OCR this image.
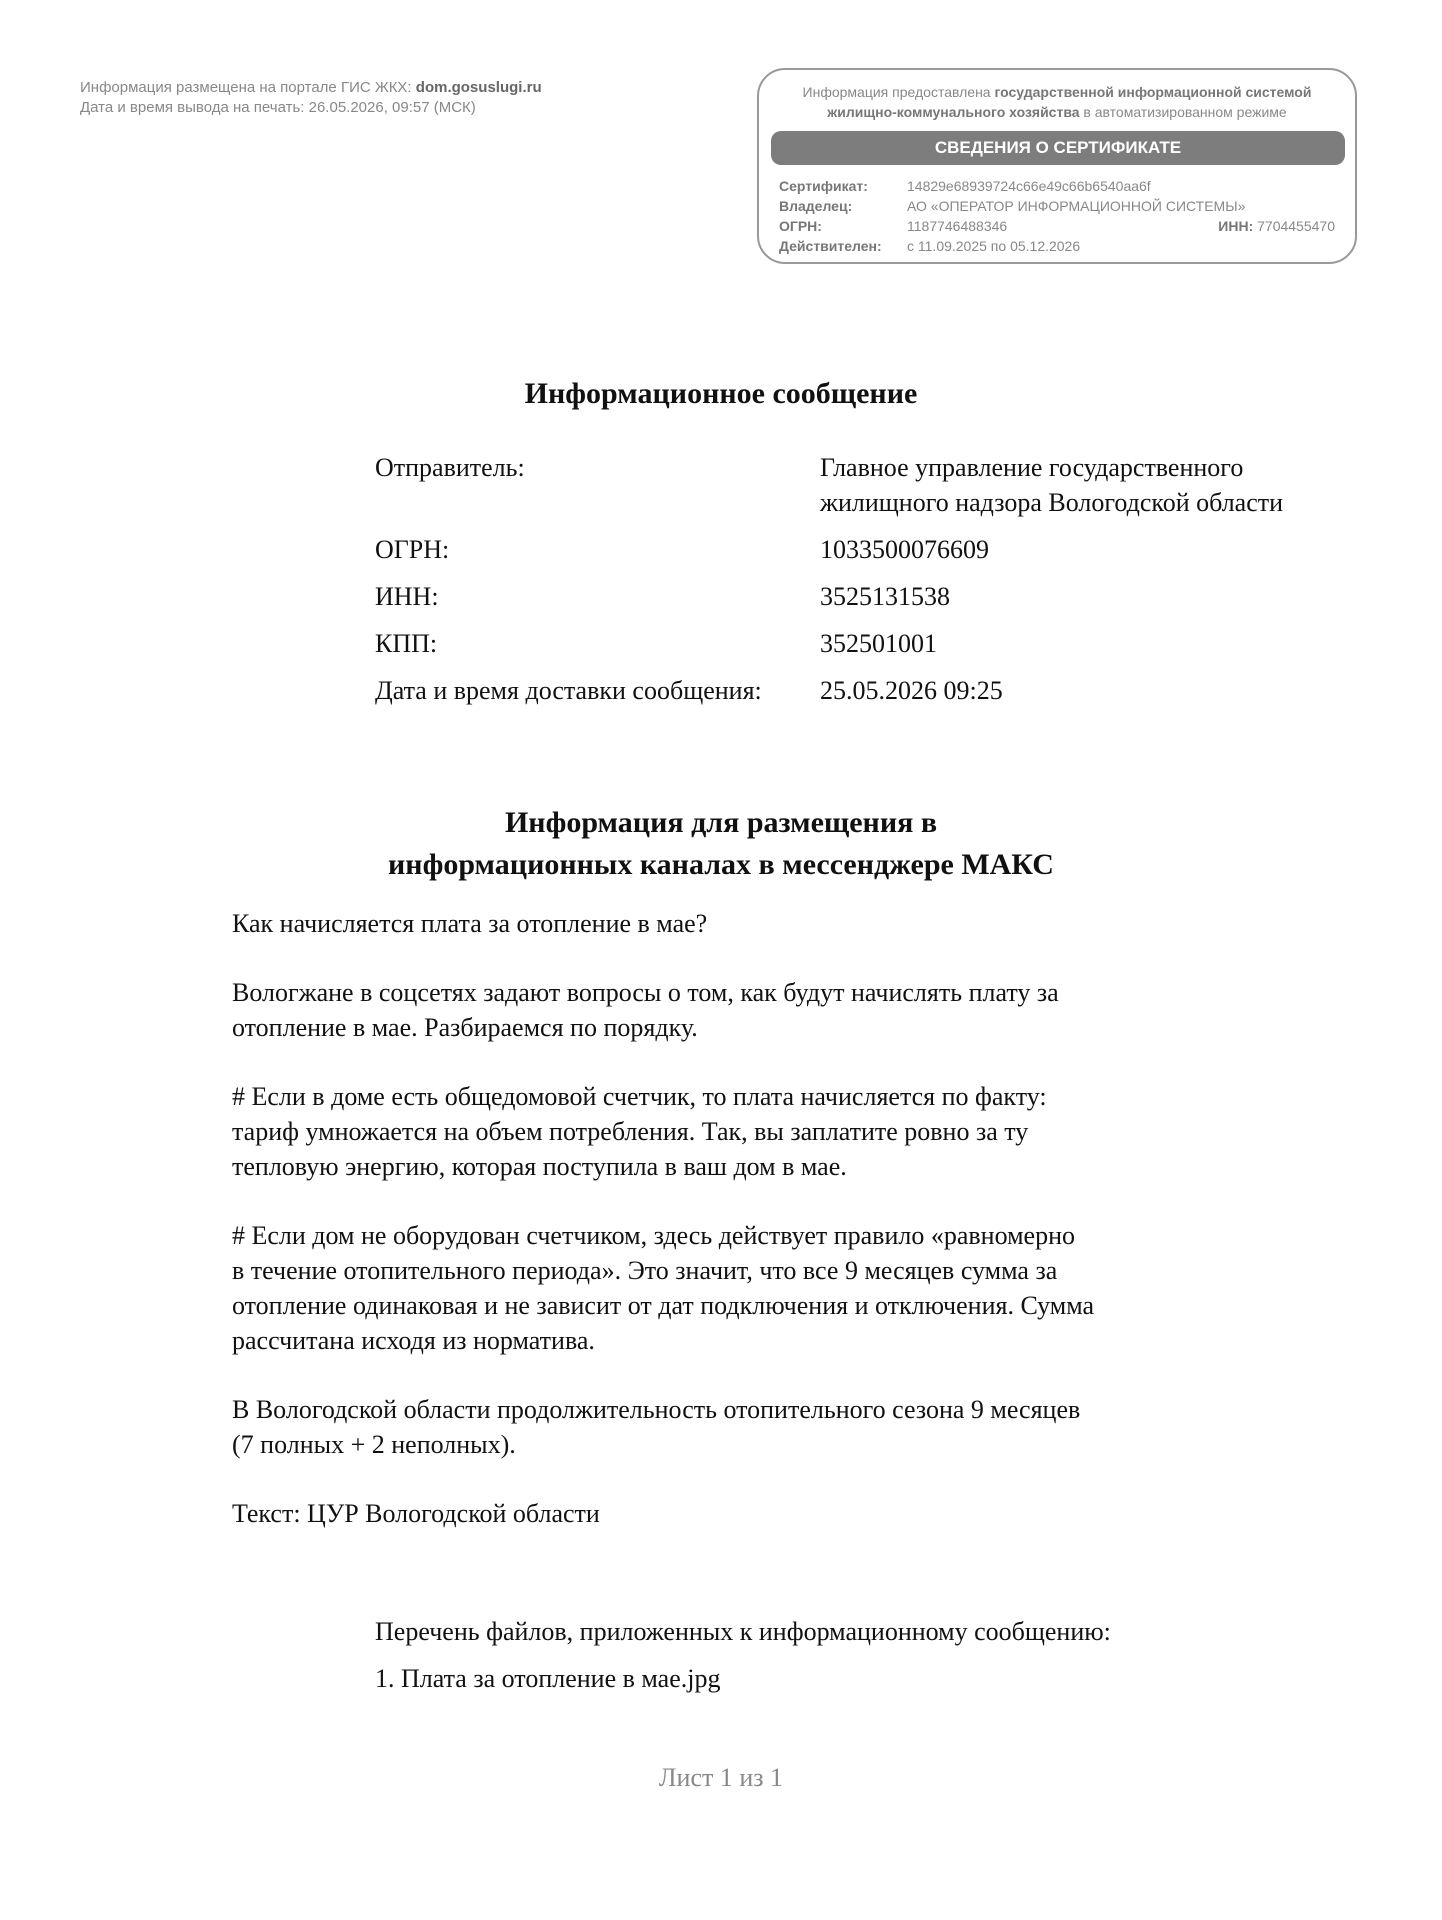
Информация размещена на портале ГИС ЖКХ: dom.gosuslugi.ru
Дата и время вывода на печать: 26.05.2026, 09:57 (МСК)
Информация предоставлена государственной информационной системой
жилищно-коммунального хозяйства в автоматизированном режиме
СВЕДЕНИЯ О СЕРТИФИКАТЕ
Сертификат:	14829e68939724c66e49c66b6540aa6f
Владелец:	АО «ОПЕРАТОР ИНФОРМАЦИОННОЙ СИСТЕМЫ»
ОГРН:	1187746488346	ИНН: 7704455470
Действителен: с 11.09.2025 по 05.12.2026
Информационное сообщение
Отправитель:	Главное управление государственного жилищного надзора Вологодской области
ОГРН:	1033500076609
ИНН:	3525131538
КПП:	352501001
Дата и время доставки сообщения:	25.05.2026 09:25
Информация для размещения в
информационных каналах в мессенджере МАКС

Как начисляется плата за отопление в мае?

Вологжане в соцсетях задают вопросы о том, как будут начислять плату за
отопление в мае. Разбираемся по порядку.

# Если в доме есть общедомовой счетчик, то плата начисляется по факту:
тариф умножается на объем потребления. Так, вы заплатите ровно за ту
тепловую энергию, которая поступила в ваш дом в мае.

# Если дом не оборудован счетчиком, здесь действует правило «равномерно
в течение отопительного периода». Это значит, что все 9 месяцев сумма за
отопление одинаковая и не зависит от дат подключения и отключения. Сумма
рассчитана исходя из норматива.

В Вологодской области продолжительность отопительного сезона 9 месяцев
(7 полных + 2 неполных).

Текст: ЦУР Вологодской области

Перечень файлов, приложенных к информационному сообщению:
1. Плата за отопление в мае.jpg
Лист 1 из 1
